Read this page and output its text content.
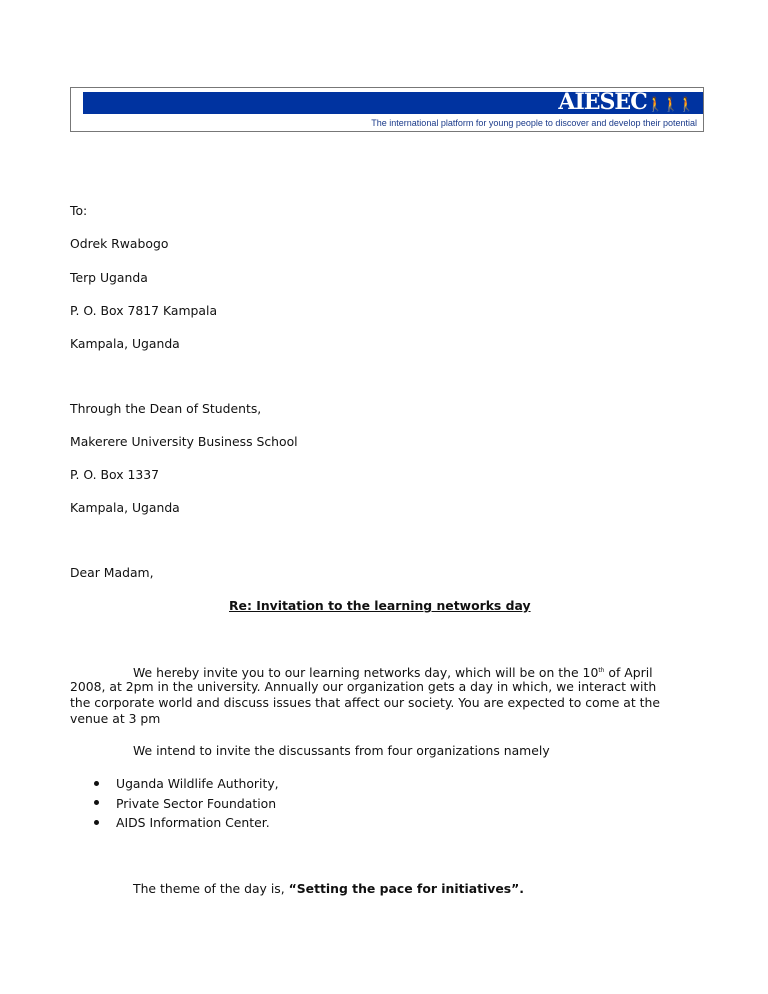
AIESEC🚶🚶🚶
The international platform for young people to discover and develop their potential
To:
Odrek Rwabogo
Terp Uganda
P. O. Box 7817 Kampala
Kampala, Uganda
Through the Dean of Students,
Makerere University Business School
P. O. Box 1337
Kampala, Uganda
Dear Madam,
Re: Invitation to the learning networks day
We hereby invite you to our learning networks day, which will be on the 10th of April
2008, at 2pm in the university. AnnuaIly our organization gets a day in which, we interact with
the corporate world and discuss issues that affect our society. You are expected to come at the
venue at 3 pm
We intend to invite the discussants from four organizations namely
Uganda Wildlife Authority,
Private Sector Foundation
AIDS Information Center.
The theme of the day is, “Setting the pace for initiatives”.
